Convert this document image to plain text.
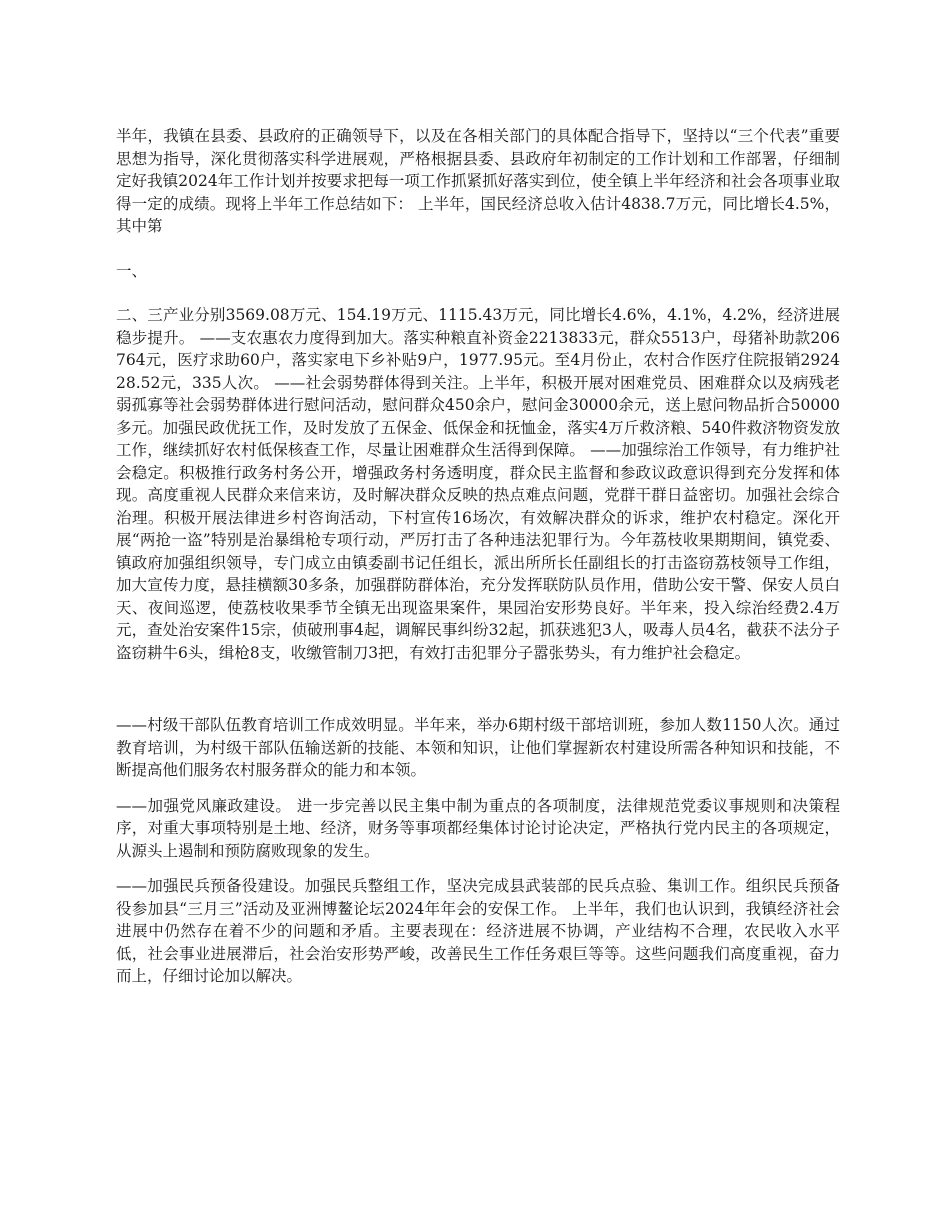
半年，我镇在县委、县政府的正确领导下，以及在各相关部门的具体配合指导下，坚持以“三个代表”重要思想为指导，深化贯彻落实科学进展观，严格根据县委、县政府年初制定的工作计划和工作部署，仔细制定好我镇2024年工作计划并按要求把每一项工作抓紧抓好落实到位，使全镇上半年经济和社会各项事业取得一定的成绩。现将上半年工作总结如下： 上半年，国民经济总收入估计4838.7万元，同比增长4.5%，其中第

一、

二、三产业分别3569.08万元、154.19万元、1115.43万元，同比增长4.6%，4.1%，4.2%，经济进展稳步提升。 ——支农惠农力度得到加大。落实种粮直补资金2213833元，群众5513户，母猪补助款206764元，医疗求助60户，落实家电下乡补贴9户，1977.95元。至4月份止，农村合作医疗住院报销292428.52元，335人次。 ——社会弱势群体得到关注。上半年，积极开展对困难党员、困难群众以及病残老弱孤寡等社会弱势群体进行慰问活动，慰问群众450余户，慰问金30000余元，送上慰问物品折合50000多元。加强民政优抚工作，及时发放了五保金、低保金和抚恤金，落实4万斤救济粮、540件救济物资发放工作，继续抓好农村低保核查工作，尽量让困难群众生活得到保障。 ——加强综治工作领导，有力维护社会稳定。积极推行政务村务公开，增强政务村务透明度，群众民主监督和参政议政意识得到充分发挥和体现。高度重视人民群众来信来访，及时解决群众反映的热点难点问题，党群干群日益密切。加强社会综合治理。积极开展法律进乡村咨询活动，下村宣传16场次，有效解决群众的诉求，维护农村稳定。深化开展“两抢一盗”特别是治暴缉枪专项行动，严厉打击了各种违法犯罪行为。今年荔枝收果期期间，镇党委、镇政府加强组织领导，专门成立由镇委副书记任组长，派出所所长任副组长的打击盗窃荔枝领导工作组，加大宣传力度，悬挂横额30多条，加强群防群体治，充分发挥联防队员作用，借助公安干警、保安人员白天、夜间巡逻，使荔枝收果季节全镇无出现盗果案件，果园治安形势良好。半年来，投入综治经费2.4万元，查处治安案件15宗，侦破刑事4起，调解民事纠纷32起，抓获逃犯3人，吸毒人员4名，截获不法分子盗窃耕牛6头，缉枪8支，收缴管制刀3把，有效打击犯罪分子嚣张势头，有力维护社会稳定。

——村级干部队伍教育培训工作成效明显。半年来，举办6期村级干部培训班，参加人数1150人次。通过教育培训，为村级干部队伍输送新的技能、本领和知识，让他们掌握新农村建设所需各种知识和技能，不断提高他们服务农村服务群众的能力和本领。

——加强党风廉政建设。 进一步完善以民主集中制为重点的各项制度，法律规范党委议事规则和决策程序，对重大事项特别是土地、经济，财务等事项都经集体讨论讨论决定，严格执行党内民主的各项规定，从源头上遏制和预防腐败现象的发生。

——加强民兵预备役建设。加强民兵整组工作，坚决完成县武装部的民兵点验、集训工作。组织民兵预备役参加县“三月三”活动及亚洲博鳌论坛2024年年会的安保工作。 上半年，我们也认识到，我镇经济社会进展中仍然存在着不少的问题和矛盾。主要表现在：经济进展不协调，产业结构不合理，农民收入水平低，社会事业进展滞后，社会治安形势严峻，改善民生工作任务艰巨等等。这些问题我们高度重视，奋力而上，仔细讨论加以解决。
